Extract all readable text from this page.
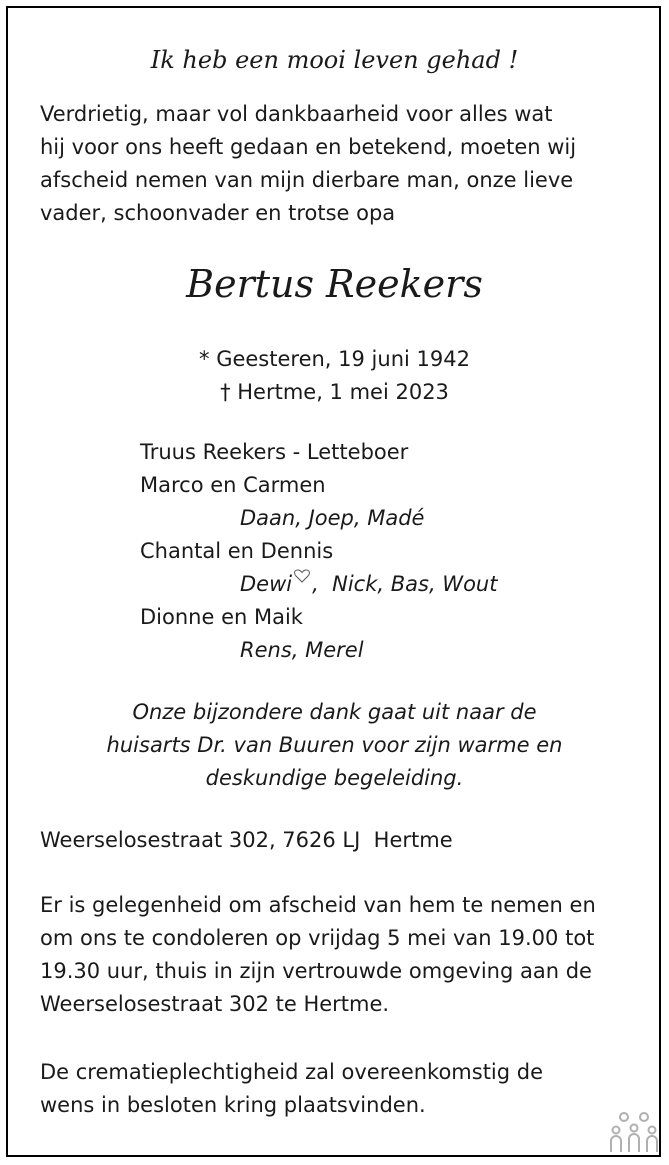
Ik heb een mooi leven gehad !
Verdrietig, maar vol dankbaarheid voor alles wat
hij voor ons heeft gedaan en betekend, moeten wij
afscheid nemen van mijn dierbare man, onze lieve
vader, schoonvader en trotse opa
Bertus Reekers
* Geesteren, 19 juni 1942
† Hertme, 1 mei 2023
Truus Reekers - Letteboer
Marco en Carmen
Daan, Joep, Madé
Chantal en Dennis
Dewi ,  Nick, Bas, Wout
Dionne en Maik
Rens, Merel
Onze bijzondere dank gaat uit naar de
huisarts Dr. van Buuren voor zijn warme en
deskundige begeleiding.
Weerselosestraat 302, 7626 LJ  Hertme
Er is gelegenheid om afscheid van hem te nemen en
om ons te condoleren op vrijdag 5 mei van 19.00 tot
19.30 uur, thuis in zijn vertrouwde omgeving aan de
Weerselosestraat 302 te Hertme.
De crematieplechtigheid zal overeenkomstig de
wens in besloten kring plaatsvinden.
